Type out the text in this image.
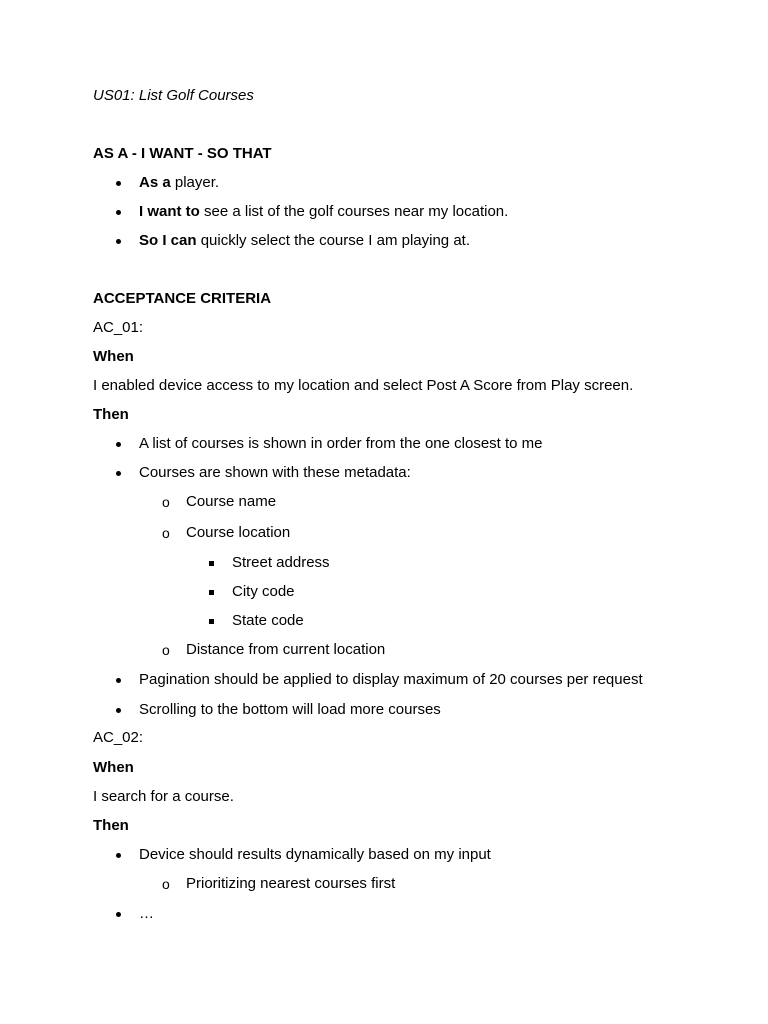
US01: List Golf Courses
AS A - I WANT - SO THAT
As a player.
I want to see a list of the golf courses near my location.
So I can quickly select the course I am playing at.
ACCEPTANCE CRITERIA
AC_01:
When
I enabled device access to my location and select Post A Score from Play screen.
Then
A list of courses is shown in order from the one closest to me
Courses are shown with these metadata:
o Course name
o Course location
Street address
City code
State code
o Distance from current location
Pagination should be applied to display maximum of 20 courses per request
Scrolling to the bottom will load more courses
AC_02:
When
I search for a course.
Then
Device should results dynamically based on my input
o Prioritizing nearest courses first
…
